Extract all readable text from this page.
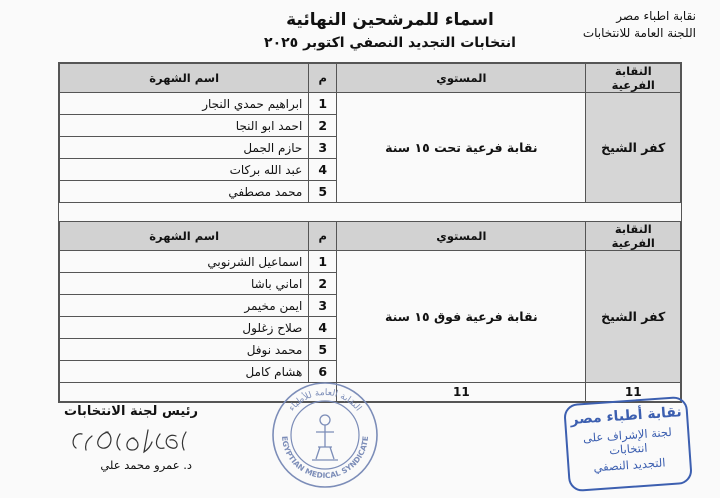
نقابة اطباء مصر
اللجنة العامة للانتخابات
اسماء للمرشحين النهائية
انتخابات التجديد النصفي اكتوبر ٢٠٢٥
النقابة الفرعية	المستوي	م	اسم الشهرة
كفر الشيخ	نقابة فرعية تحت ١٥ سنة	1	ابراهيم حمدي النجار
		2	احمد ابو النجا
		3	حازم الجمل
		4	عبد الله بركات
		5	محمد مصطفي

النقابة الفرعية	المستوي	م	اسم الشهرة
كفر الشيخ	نقابة فرعية فوق ١٥ سنة	1	اسماعيل الشرنوبي
		2	اماني باشا
		3	ايمن مخيمر
		4	صلاح زغلول
		5	محمد نوفل
		6	هشام كامل
11	11		
رئيس لجنة الانتخابات
د. عمرو محمد علي
النقابة العامة للأطباء
EGYPTIAN MEDICAL SYNDICATE
نقابة أطباء مصر
لجنة الإشراف على انتخابات
التجديد النصفي
